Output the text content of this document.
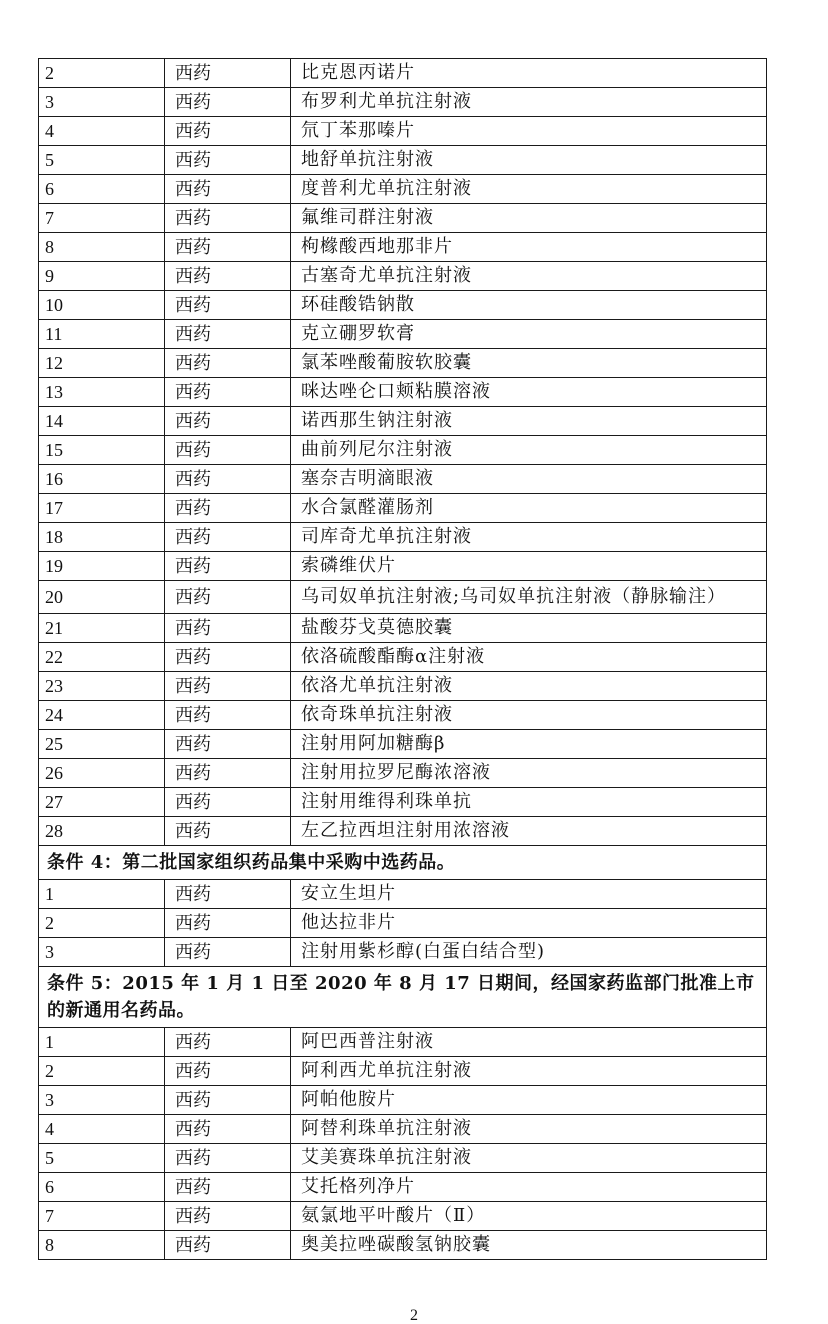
2	西药	比克恩丙诺片
3	西药	布罗利尤单抗注射液
4	西药	氘丁苯那嗪片
5	西药	地舒单抗注射液
6	西药	度普利尤单抗注射液
7	西药	氟维司群注射液
8	西药	枸橼酸西地那非片
9	西药	古塞奇尤单抗注射液
10	西药	环硅酸锆钠散
11	西药	克立硼罗软膏
12	西药	氯苯唑酸葡胺软胶囊
13	西药	咪达唑仑口颊粘膜溶液
14	西药	诺西那生钠注射液
15	西药	曲前列尼尔注射液
16	西药	塞奈吉明滴眼液
17	西药	水合氯醛灌肠剂
18	西药	司库奇尤单抗注射液
19	西药	索磷维伏片
20	西药	乌司奴单抗注射液;乌司奴单抗注射液（静脉输注）
21	西药	盐酸芬戈莫德胶囊
22	西药	依洛硫酸酯酶α注射液
23	西药	依洛尤单抗注射液
24	西药	依奇珠单抗注射液
25	西药	注射用阿加糖酶β
26	西药	注射用拉罗尼酶浓溶液
27	西药	注射用维得利珠单抗
28	西药	左乙拉西坦注射用浓溶液
条件 4：第二批国家组织药品集中采购中选药品。		
1	西药	安立生坦片
2	西药	他达拉非片
3	西药	注射用紫杉醇(白蛋白结合型)
条件 5：2015 年 1 月 1 日至 2020 年 8 月 17 日期间，经国家药监部门批准上市的新通用名药品。		
1	西药	阿巴西普注射液
2	西药	阿利西尤单抗注射液
3	西药	阿帕他胺片
4	西药	阿替利珠单抗注射液
5	西药	艾美赛珠单抗注射液
6	西药	艾托格列净片
7	西药	氨氯地平叶酸片（Ⅱ）
8	西药	奥美拉唑碳酸氢钠胶囊
2
